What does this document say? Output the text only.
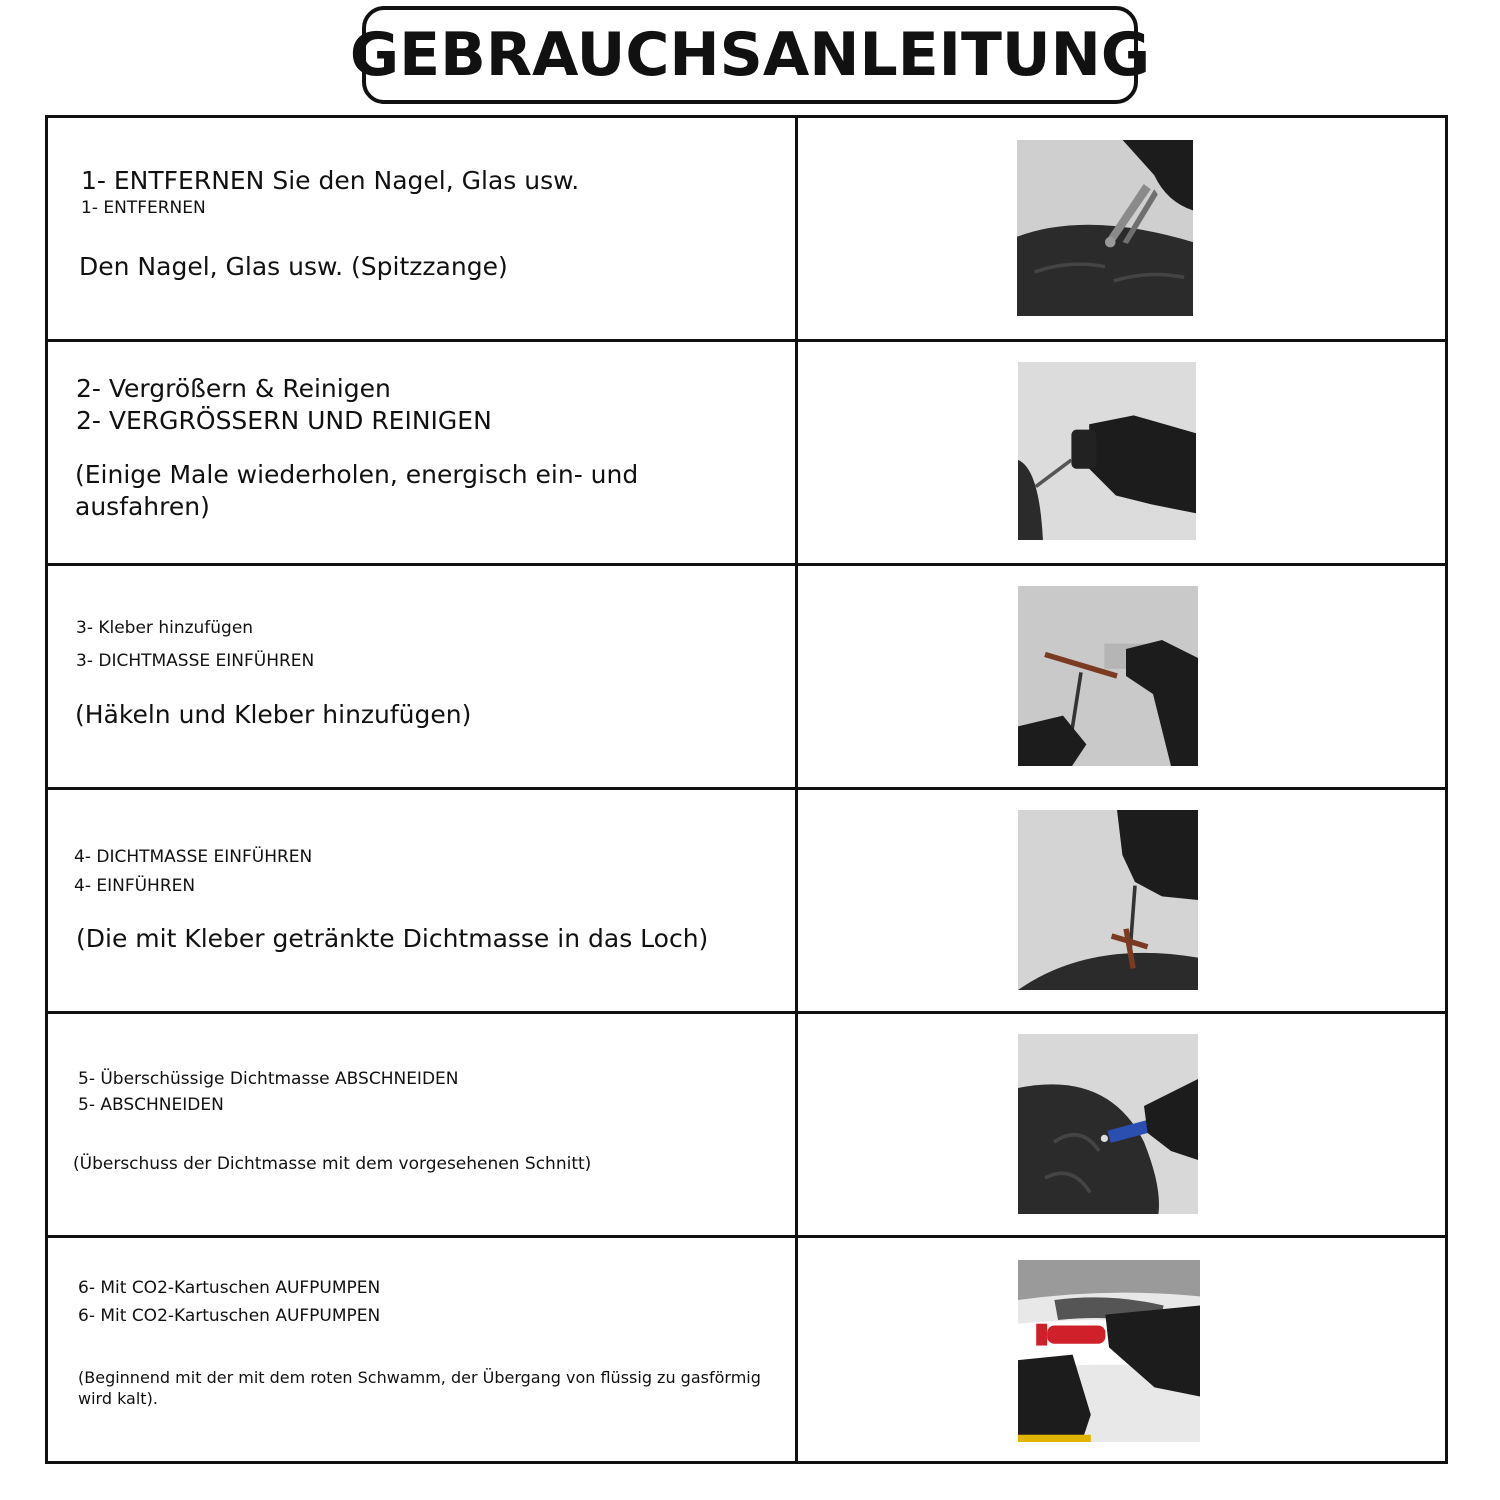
GEBRAUCHSANLEITUNG
1- ENTFERNEN Sie den Nagel, Glas usw.
1- ENTFERNEN
Den Nagel, Glas usw. (Spitzzange)
2- Vergrößern & Reinigen
2- VERGRÖSSERN UND REINIGEN
(Einige Male wiederholen, energisch ein- und ausfahren)
3- Kleber hinzufügen
3- DICHTMASSE EINFÜHREN
(Häkeln und Kleber hinzufügen)
4- DICHTMASSE EINFÜHREN
4- EINFÜHREN
(Die mit Kleber getränkte Dichtmasse in das Loch)
5- Überschüssige Dichtmasse ABSCHNEIDEN
5- ABSCHNEIDEN
(Überschuss der Dichtmasse mit dem vorgesehenen Schnitt)
6- Mit CO2-Kartuschen AUFPUMPEN
6- Mit CO2-Kartuschen AUFPUMPEN
(Beginnend mit der mit dem roten Schwamm, der Übergang von flüssig zu gasförmig wird kalt).
